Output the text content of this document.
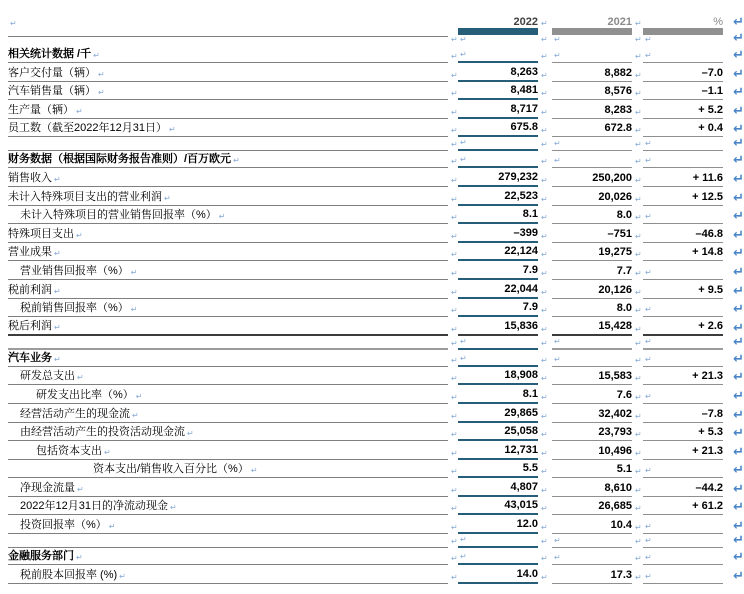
↵	2022 ↵	2021 ↵	% ↵
↵ ↵	↵ ↵	↵ ↵	↵
相关统计数据 /千 ↵	↵ ↵	↵ ↵	↵ ↵	↵
客户交付量（辆） ↵	↵	8,263 ↵	8,882 ↵	–7.0 ↵
汽车销售量（辆） ↵	↵	8,481 ↵	8,576 ↵	–1.1 ↵
生产量（辆） ↵	↵	8,717 ↵	8,283 ↵	+ 5.2 ↵
员工数（截至2022年12月31日） ↵	↵	675.8 ↵	672.8 ↵	+ 0.4 ↵
↵ ↵	↵ ↵	↵ ↵	↵
财务数据（根据国际财务报告准则）/百万欧元 ↵	↵ ↵	↵ ↵	↵ ↵	↵
销售收入 ↵	↵	279,232 ↵	250,200 ↵	+ 11.6 ↵
未计入特殊项目支出的营业利润 ↵	↵	22,523 ↵	20,026 ↵	+ 12.5 ↵
未计入特殊项目的营业销售回报率（%） ↵	↵	8.1 ↵	8.0 ↵ ↵	↵
特殊项目支出 ↵	↵	–399 ↵	–751 ↵	–46.8 ↵
营业成果 ↵	↵	22,124 ↵	19,275 ↵	+ 14.8 ↵
营业销售回报率（%） ↵	↵	7.9 ↵	7.7 ↵ ↵	↵
税前利润 ↵	↵	22,044 ↵	20,126 ↵	+ 9.5 ↵
税前销售回报率（%） ↵	↵	7.9 ↵	8.0 ↵ ↵	↵
税后利润 ↵	↵	15,836 ↵	15,428 ↵	+ 2.6 ↵
↵ ↵	↵ ↵	↵ ↵	↵
汽车业务 ↵	↵ ↵	↵ ↵	↵ ↵	↵
研发总支出 ↵	↵	18,908 ↵	15,583 ↵	+ 21.3 ↵
研发支出比率（%） ↵	↵	8.1 ↵	7.6 ↵ ↵	↵
经营活动产生的现金流 ↵	↵	29,865 ↵	32,402 ↵	–7.8 ↵
由经营活动产生的投资活动现金流 ↵	↵	25,058 ↵	23,793 ↵	+ 5.3 ↵
包括资本支出 ↵	↵	12,731 ↵	10,496 ↵	+ 21.3 ↵
资本支出/销售收入百分比（%） ↵	↵	5.5 ↵	5.1 ↵ ↵	↵
净现金流量 ↵	↵	4,807 ↵	8,610 ↵	–44.2 ↵
2022年12月31日的净流动现金 ↵	↵	43,015 ↵	26,685 ↵	+ 61.2 ↵
投资回报率（%） ↵	↵	12.0 ↵	10.4 ↵ ↵	↵
↵ ↵	↵ ↵	↵ ↵	↵
金融服务部门 ↵	↵ ↵	↵ ↵	↵ ↵	↵
税前股本回报率 (%) ↵	↵	14.0 ↵	17.3 ↵ ↵	↵
